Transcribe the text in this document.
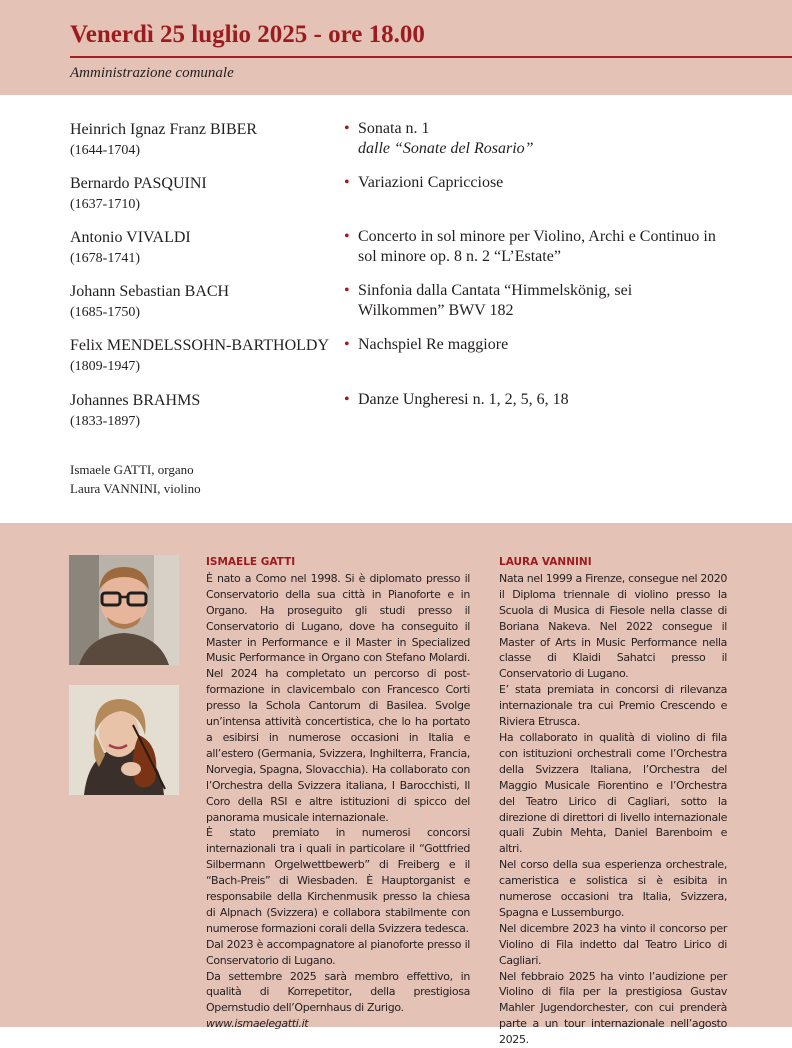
Venerdì 25 luglio 2025 - ore 18.00
Amministrazione comunale
Heinrich Ignaz Franz BIBER
(1644-1704)
• Sonata n. 1
dalle “Sonate del Rosario”
Bernardo PASQUINI
(1637-1710)
• Variazioni Capricciose
Antonio VIVALDI
(1678-1741)
• Concerto in sol minore per Violino, Archi e Continuo in sol minore op. 8 n. 2 “L’Estate”
Johann Sebastian BACH
(1685-1750)
• Sinfonia dalla Cantata “Himmelskönig, sei Wilkommen” BWV 182
Felix MENDELSSOHN-BARTHOLDY
(1809-1947)
• Nachspiel Re maggiore
Johannes BRAHMS
(1833-1897)
• Danze Ungheresi n. 1, 2, 5, 6, 18
Ismaele GATTI, organo
Laura VANNINI, violino
ISMAELE GATTI

È nato a Como nel 1998. Si è diplomato presso il Conservatorio della sua città in Pianoforte e in Organo. Ha proseguito gli studi presso il Conservatorio di Lugano, dove ha conseguito il Master in Performance e il Master in Specialized Music Performance in Organo con Stefano Molardi. Nel 2024 ha completato un percorso di post-formazione in clavicembalo con Francesco Corti presso la Schola Cantorum di Basilea. Svolge un’intensa attività concertistica, che lo ha portato a esibirsi in numerose occasioni in Italia e all’estero (Germania, Svizzera, Inghilterra, Francia, Norvegia, Spagna, Slovacchia). Ha collaborato con l’Orchestra della Svizzera italiana, I Barocchisti, Il Coro della RSI e altre istituzioni di spicco del panorama musicale internazionale.

È stato premiato in numerosi concorsi internazionali tra i quali in particolare il “Gottfried Silbermann Orgelwettbewerb” di Freiberg e il “Bach-Preis” di Wiesbaden. È Hauptorganist e responsabile della Kirchenmusik presso la chiesa di Alpnach (Svizzera) e collabora stabilmente con numerose formazioni corali della Svizzera tedesca.

Dal 2023 è accompagnatore al pianoforte presso il Conservatorio di Lugano.

Da settembre 2025 sarà membro effettivo, in qualità di Korrepetitor, della prestigiosa Opernstudio dell’Opernhaus di Zurigo.

www.ismaelegatti.it

LAURA VANNINI

Nata nel 1999 a Firenze, consegue nel 2020 il Diploma triennale di violino presso la Scuola di Musica di Fiesole nella classe di Boriana Nakeva. Nel 2022 consegue il Master of Arts in Music Performance nella classe di Klaidi Sahatci presso il Conservatorio di Lugano.

E’ stata premiata in concorsi di rilevanza internazionale tra cui Premio Crescendo e Riviera Etrusca.

Ha collaborato in qualità di violino di fila con istituzioni orchestrali come l’Orchestra della Svizzera Italiana, l’Orchestra del Maggio Musicale Fiorentino e l’Orchestra del Teatro Lirico di Cagliari, sotto la direzione di direttori di livello internazionale quali Zubin Mehta, Daniel Barenboim e altri.

Nel corso della sua esperienza orchestrale, cameristica e solistica si è esibita in numerose occasioni tra Italia, Svizzera, Spagna e Lussemburgo.

Nel dicembre 2023 ha vinto il concorso per Violino di Fila indetto dal Teatro Lirico di Cagliari.

Nel febbraio 2025 ha vinto l’audizione per Violino di fila per la prestigiosa Gustav Mahler Jugendorchester, con cui prenderà parte a un tour internazionale nell’agosto 2025.
